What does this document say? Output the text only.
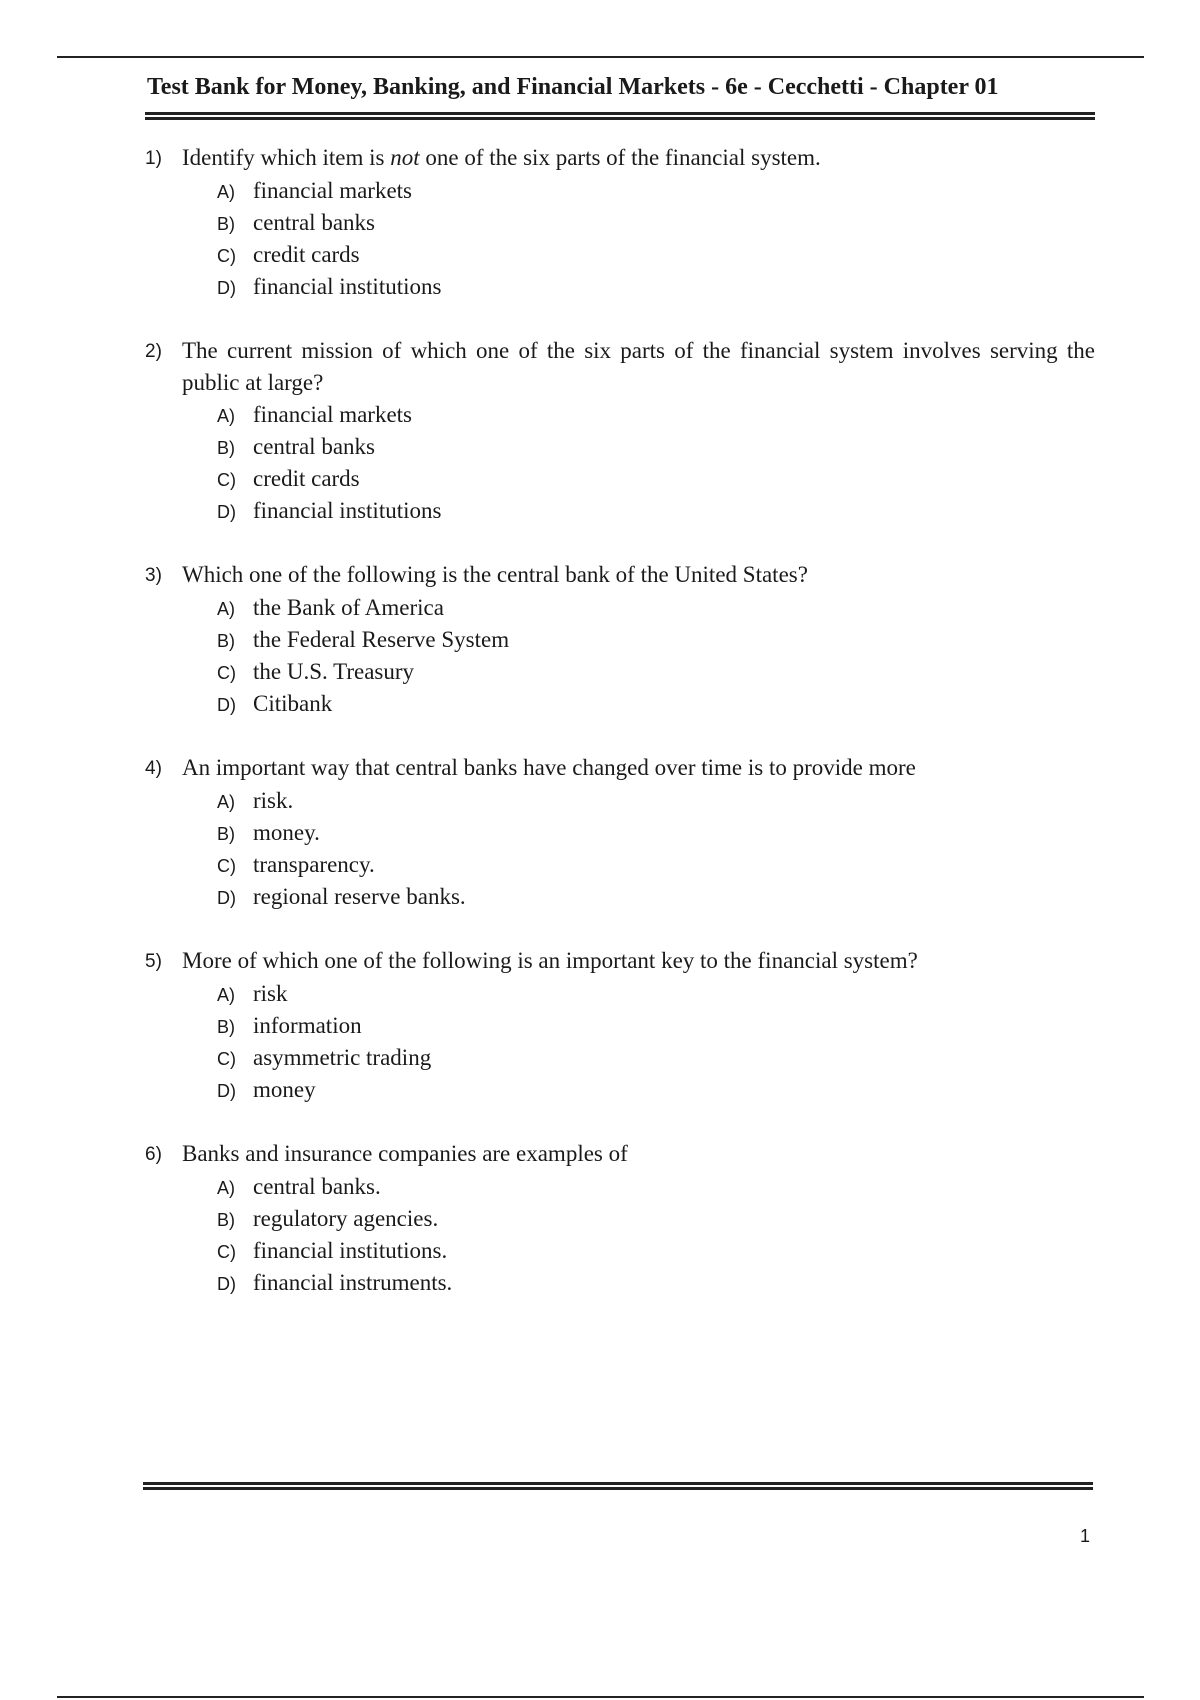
Test Bank for Money, Banking, and Financial Markets - 6e - Cecchetti - Chapter 01
1) Identify which item is not one of the six parts of the financial system.
A) financial markets
B) central banks
C) credit cards
D) financial institutions
2) The current mission of which one of the six parts of the financial system involves serving the public at large?
A) financial markets
B) central banks
C) credit cards
D) financial institutions
3) Which one of the following is the central bank of the United States?
A) the Bank of America
B) the Federal Reserve System
C) the U.S. Treasury
D) Citibank
4) An important way that central banks have changed over time is to provide more
A) risk.
B) money.
C) transparency.
D) regional reserve banks.
5) More of which one of the following is an important key to the financial system?
A) risk
B) information
C) asymmetric trading
D) money
6) Banks and insurance companies are examples of
A) central banks.
B) regulatory agencies.
C) financial institutions.
D) financial instruments.
1
